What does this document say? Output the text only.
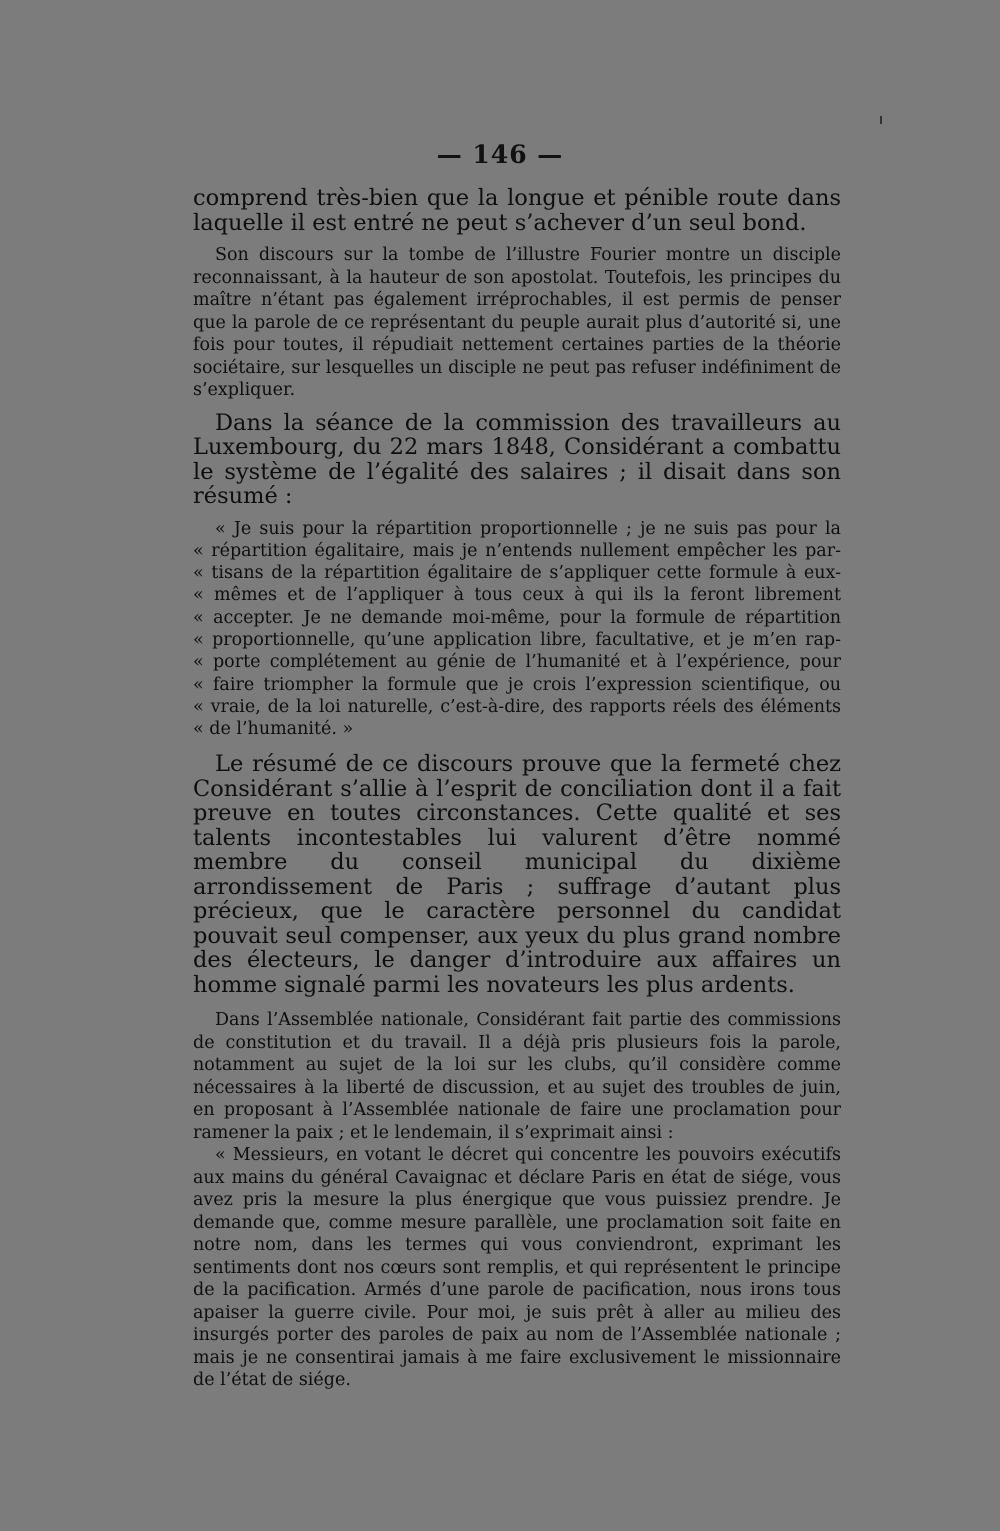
— 146 —

comprend très-bien que la longue et pénible route dans laquelle il est entré ne peut s’achever d’un seul bond.

Son discours sur la tombe de l’illustre Fourier montre un disciple reconnaissant, à la hauteur de son apostolat. Toutefois, les principes du maître n’étant pas également irréprochables, il est permis de penser que la parole de ce représentant du peuple aurait plus d’autorité si, une fois pour toutes, il répudiait nettement certaines parties de la théorie sociétaire, sur lesquelles un disciple ne peut pas refuser indéfiniment de s’expliquer.

Dans la séance de la commission des travailleurs au Luxembourg, du 22 mars 1848, Considérant a combattu le système de l’égalité des salaires ; il disait dans son résumé :

« Je suis pour la répartition proportionnelle ; je ne suis pas pour la
« répartition égalitaire, mais je n’entends nullement empêcher les par-
« tisans de la répartition égalitaire de s’appliquer cette formule à eux-
« mêmes et de l’appliquer à tous ceux à qui ils la feront librement
« accepter. Je ne demande moi-même, pour la formule de répartition
« proportionnelle, qu’une application libre, facultative, et je m’en rap-
« porte complétement au génie de l’humanité et à l’expérience, pour
« faire triompher la formule que je crois l’expression scientifique, ou
« vraie, de la loi naturelle, c’est-à-dire, des rapports réels des éléments
« de l’humanité. »

Le résumé de ce discours prouve que la fermeté chez Considérant s’allie à l’esprit de conciliation dont il a fait preuve en toutes circonstances. Cette qualité et ses talents incontestables lui valurent d’être nommé membre du conseil municipal du dixième arrondissement de Paris ; suffrage d’autant plus précieux, que le caractère personnel du candidat pouvait seul compenser, aux yeux du plus grand nombre des électeurs, le danger d’introduire aux affaires un homme signalé parmi les novateurs les plus ardents.

Dans l’Assemblée nationale, Considérant fait partie des commissions de constitution et du travail. Il a déjà pris plusieurs fois la parole, notamment au sujet de la loi sur les clubs, qu’il considère comme nécessaires à la liberté de discussion, et au sujet des troubles de juin, en proposant à l’Assemblée nationale de faire une proclamation pour ramener la paix ; et le lendemain, il s’exprimait ainsi :

« Messieurs, en votant le décret qui concentre les pouvoirs exécutifs aux mains du général Cavaignac et déclare Paris en état de siége, vous avez pris la mesure la plus énergique que vous puissiez prendre. Je demande que, comme mesure parallèle, une proclamation soit faite en notre nom, dans les termes qui vous conviendront, exprimant les sentiments dont nos cœurs sont remplis, et qui représentent le principe de la pacification. Armés d’une parole de pacification, nous irons tous apaiser la guerre civile. Pour moi, je suis prêt à aller au milieu des insurgés porter des paroles de paix au nom de l’Assemblée nationale ; mais je ne consentirai jamais à me faire exclusivement le missionnaire de l’état de siége.
